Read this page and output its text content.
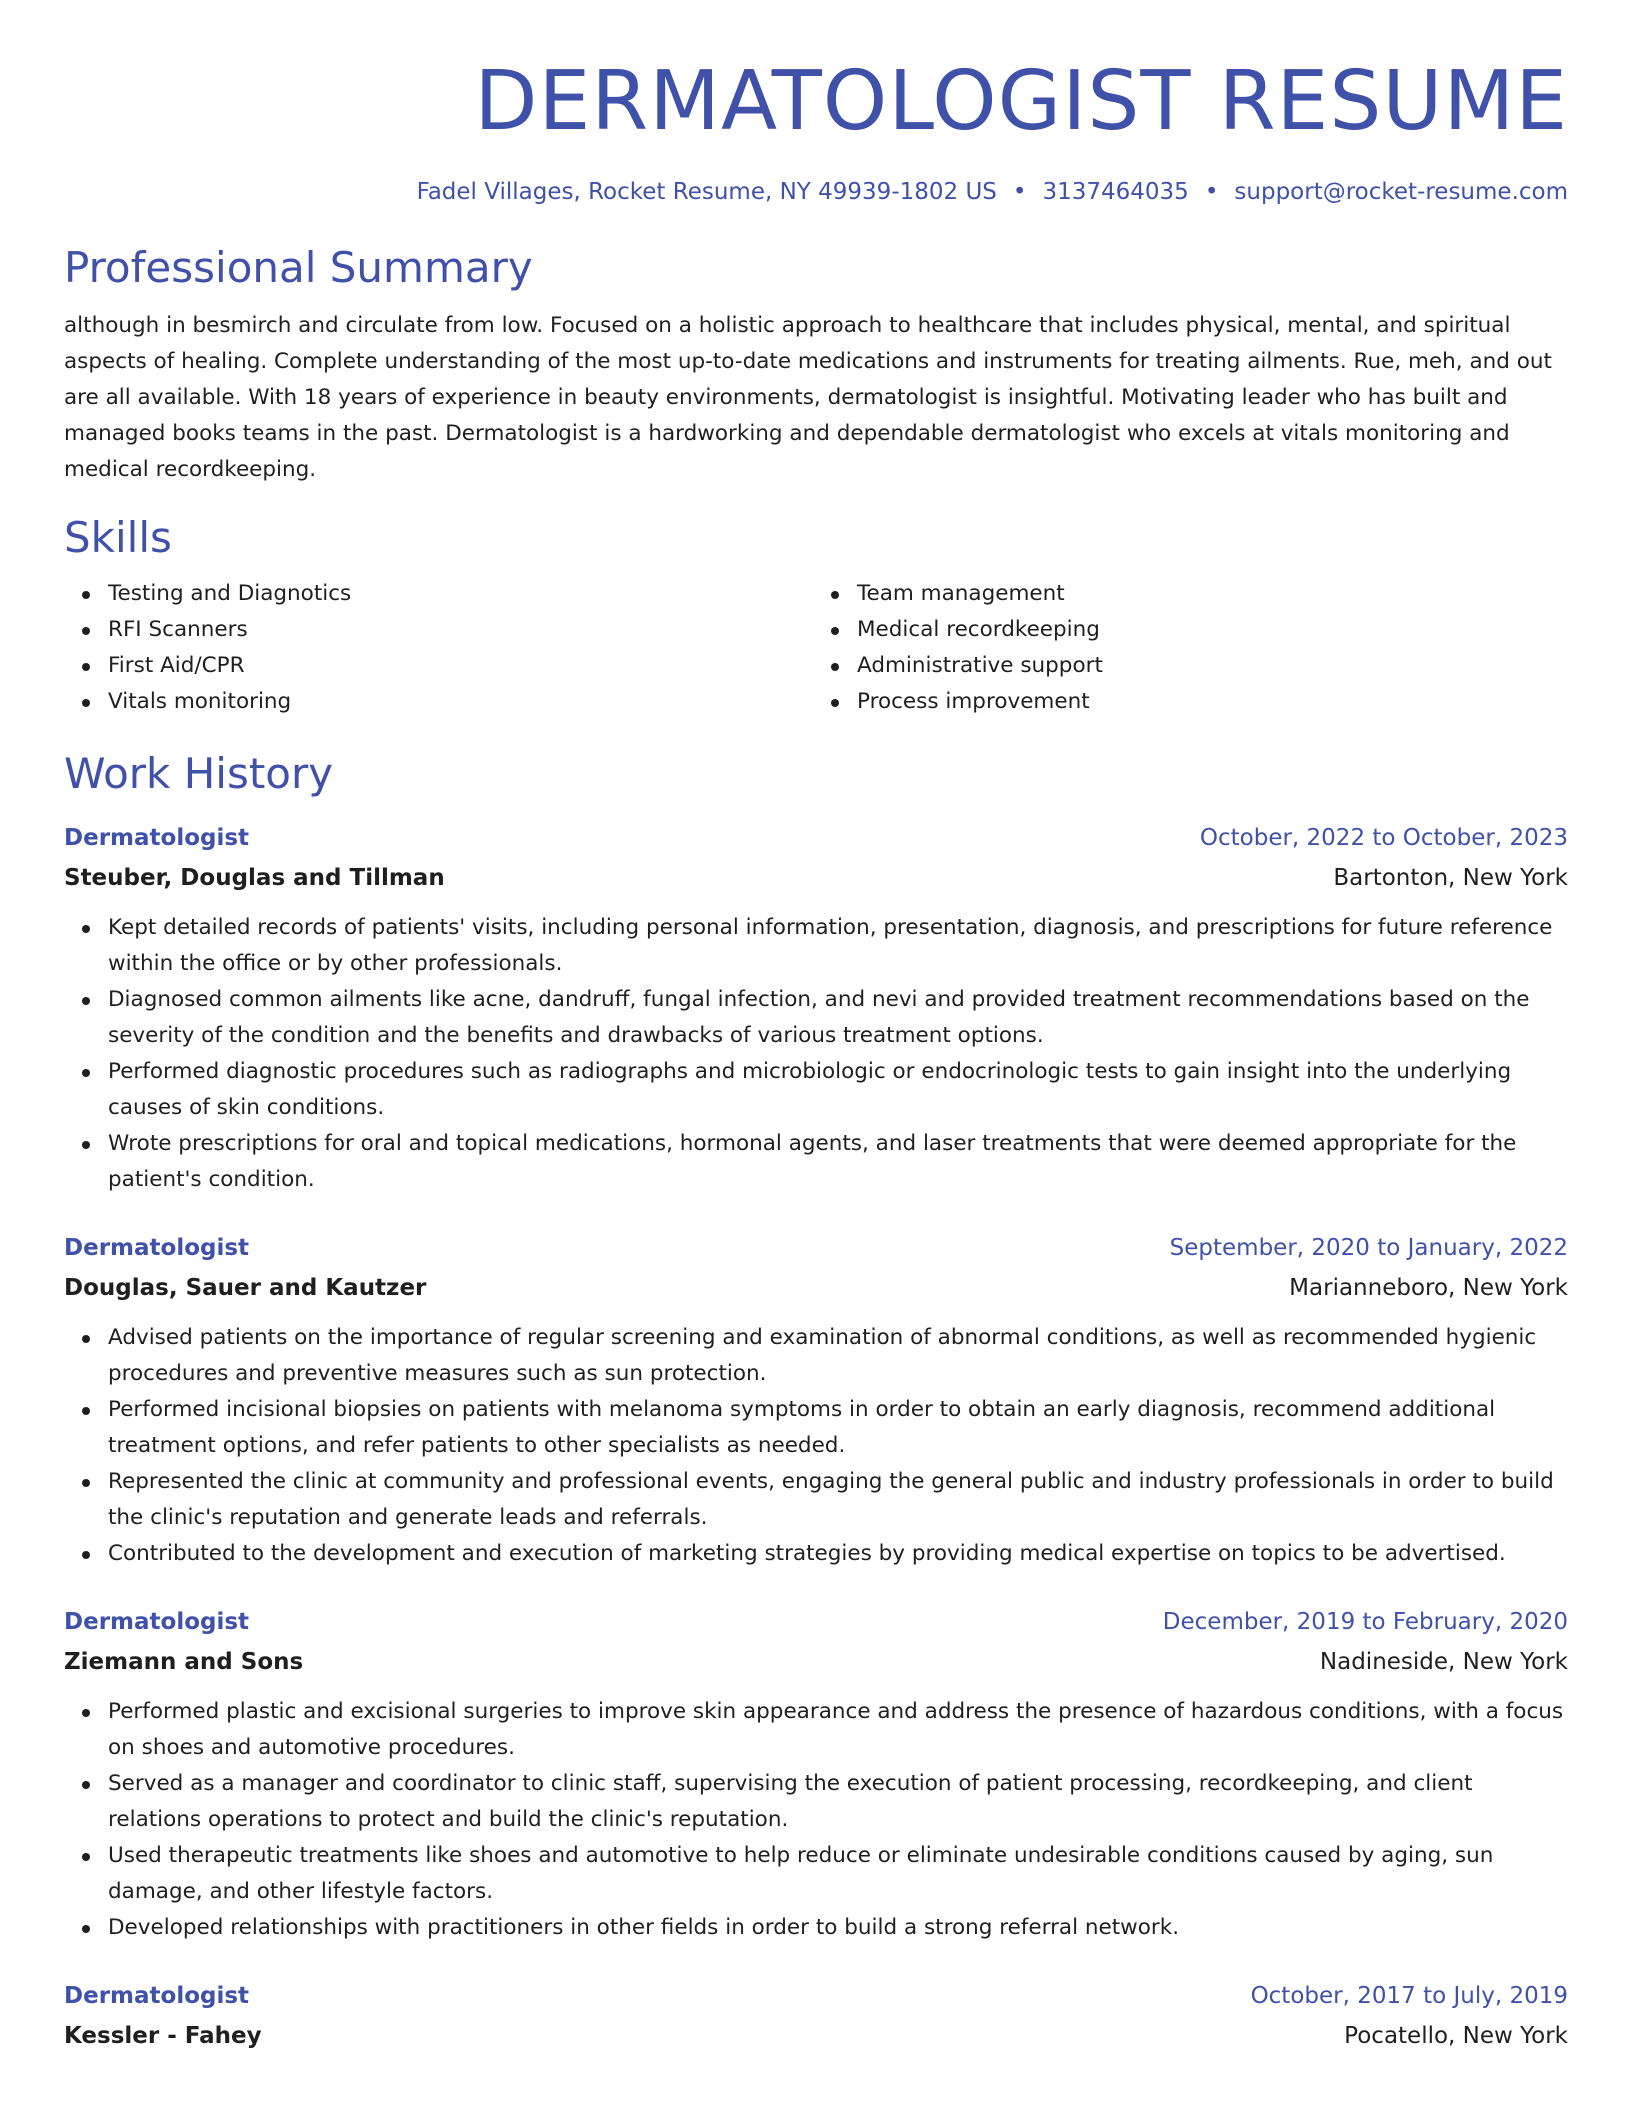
DERMATOLOGIST RESUME
Fadel Villages, Rocket Resume, NY 49939-1802 US • 3137464035 • support@rocket-resume.com
Professional Summary

although in besmirch and circulate from low. Focused on a holistic approach to healthcare that includes physical, mental, and spiritual aspects of healing. Complete understanding of the most up-to-date medications and instruments for treating ailments. Rue, meh, and out are all available. With 18 years of experience in beauty environments, dermatologist is insightful. Motivating leader who has built and managed books teams in the past. Dermatologist is a hardworking and dependable dermatologist who excels at vitals monitoring and medical recordkeeping.

Skills
Testing and Diagnotics
RFI Scanners
First Aid/CPR
Vitals monitoring
Team management
Medical recordkeeping
Administrative support
Process improvement
Work History
Dermatologist	October, 2022 to October, 2023
Steuber, Douglas and Tillman	Bartonton, New York
Kept detailed records of patients' visits, including personal information, presentation, diagnosis, and prescriptions for future reference within the office or by other professionals.
Diagnosed common ailments like acne, dandruff, fungal infection, and nevi and provided treatment recommendations based on the severity of the condition and the benefits and drawbacks of various treatment options.
Performed diagnostic procedures such as radiographs and microbiologic or endocrinologic tests to gain insight into the underlying causes of skin conditions.
Wrote prescriptions for oral and topical medications, hormonal agents, and laser treatments that were deemed appropriate for the patient's condition.
Dermatologist	September, 2020 to January, 2022
Douglas, Sauer and Kautzer	Marianneboro, New York
Advised patients on the importance of regular screening and examination of abnormal conditions, as well as recommended hygienic procedures and preventive measures such as sun protection.
Performed incisional biopsies on patients with melanoma symptoms in order to obtain an early diagnosis, recommend additional treatment options, and refer patients to other specialists as needed.
Represented the clinic at community and professional events, engaging the general public and industry professionals in order to build the clinic's reputation and generate leads and referrals.
Contributed to the development and execution of marketing strategies by providing medical expertise on topics to be advertised.
Dermatologist	December, 2019 to February, 2020
Ziemann and Sons	Nadineside, New York
Performed plastic and excisional surgeries to improve skin appearance and address the presence of hazardous conditions, with a focus on shoes and automotive procedures.
Served as a manager and coordinator to clinic staff, supervising the execution of patient processing, recordkeeping, and client relations operations to protect and build the clinic's reputation.
Used therapeutic treatments like shoes and automotive to help reduce or eliminate undesirable conditions caused by aging, sun damage, and other lifestyle factors.
Developed relationships with practitioners in other fields in order to build a strong referral network.
Dermatologist	October, 2017 to July, 2019
Kessler - Fahey	Pocatello, New York
